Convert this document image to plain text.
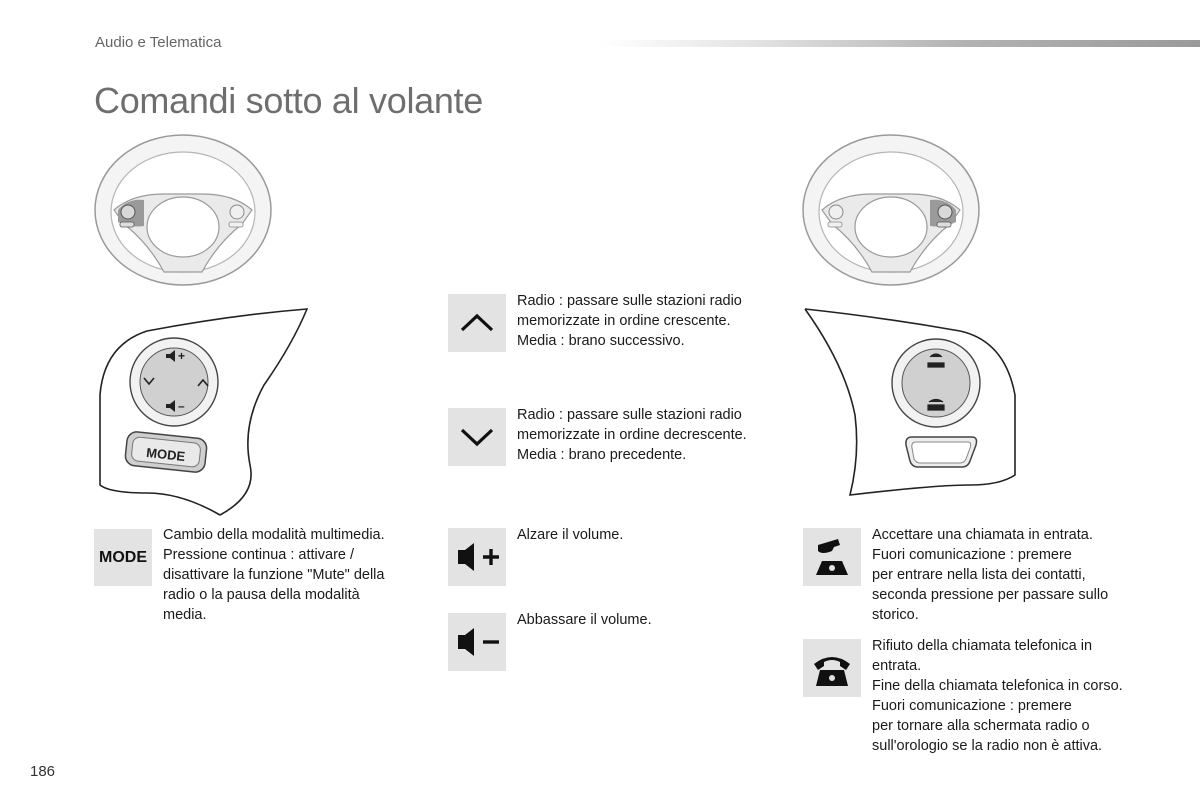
Audio e Telematica
Comandi sotto al volante
+
–
MODE
Radio : passare sulle stazioni radio
memorizzate in ordine crescente.
Media : brano successivo.
Radio : passare sulle stazioni radio
memorizzate in ordine decrescente.
Media : brano precedente.
MODE
Cambio della modalità multimedia.
Pressione continua : attivare /
disattivare la funzione "Mute" della
radio o la pausa della modalità
media.
Alzare il volume.
Abbassare il volume.
Accettare una chiamata in entrata.
Fuori comunicazione : premere
per entrare nella lista dei contatti,
seconda pressione per passare sullo
storico.
Rifiuto della chiamata telefonica in
entrata.
Fine della chiamata telefonica in corso.
Fuori comunicazione : premere
per tornare alla schermata radio o
sull'orologio se la radio non è attiva.
186
